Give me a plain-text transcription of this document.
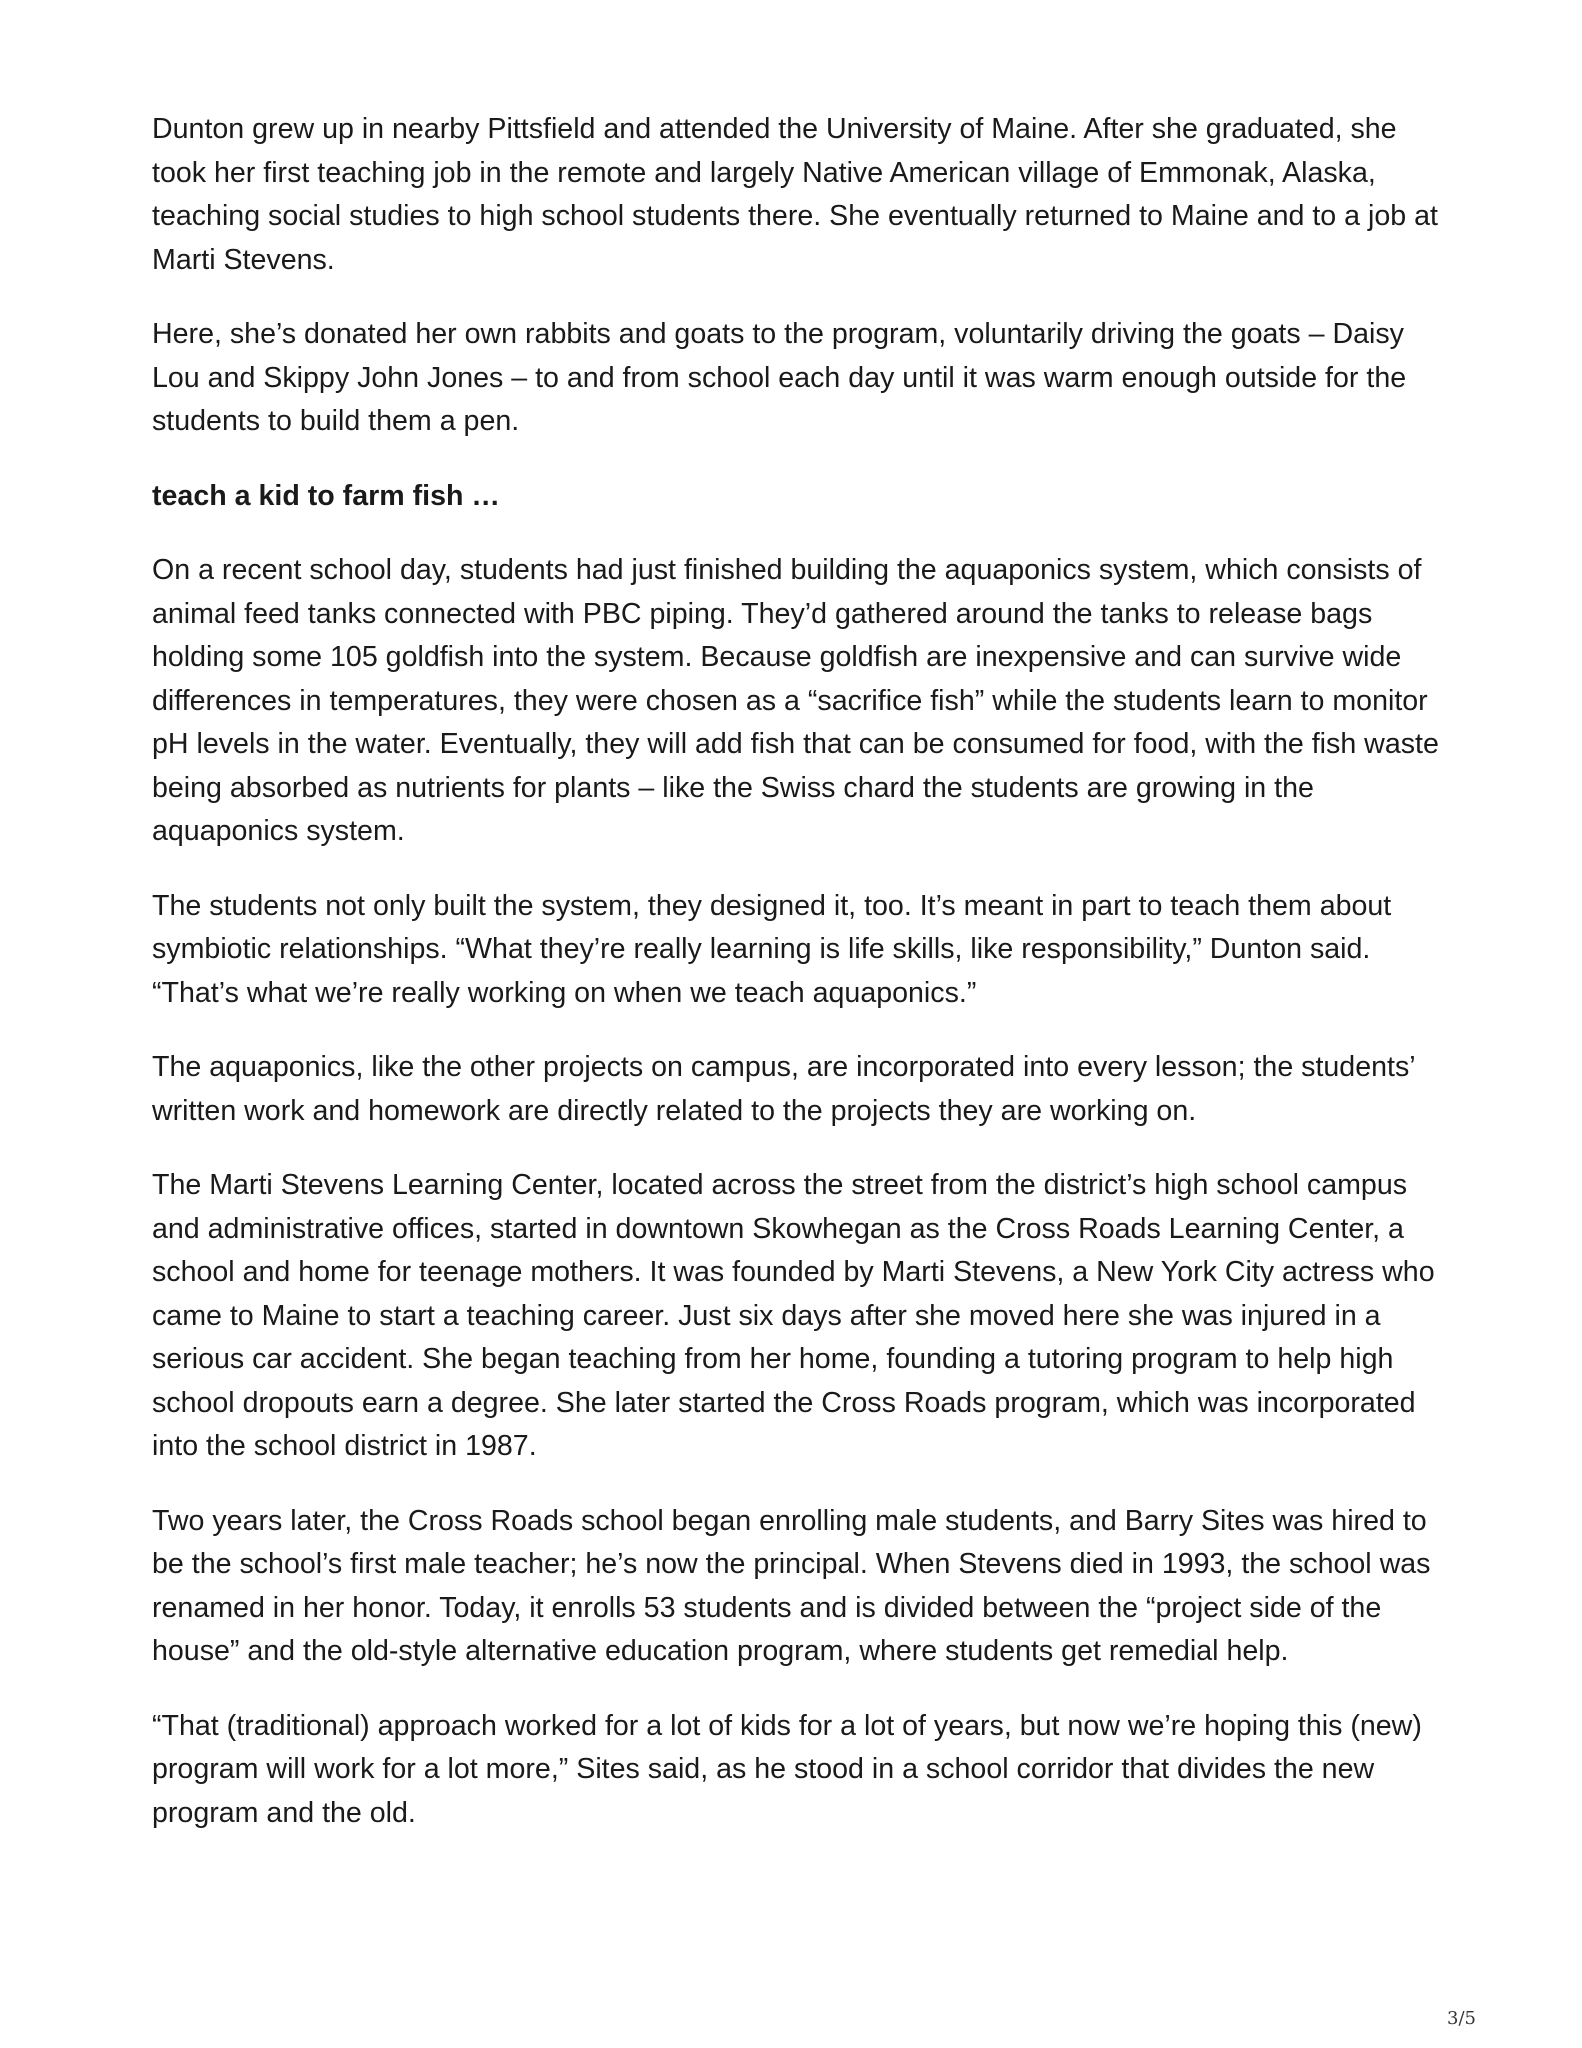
Dunton grew up in nearby Pittsfield and attended the University of Maine. After she graduated, she took her first teaching job in the remote and largely Native American village of Emmonak, Alaska, teaching social studies to high school students there. She eventually returned to Maine and to a job at Marti Stevens.

Here, she’s donated her own rabbits and goats to the program, voluntarily driving the goats – Daisy Lou and Skippy John Jones – to and from school each day until it was warm enough outside for the students to build them a pen.

teach a kid to farm fish …

On a recent school day, students had just finished building the aquaponics system, which consists of animal feed tanks connected with PBC piping. They’d gathered around the tanks to release bags holding some 105 goldfish into the system. Because goldfish are inexpensive and can survive wide differences in temperatures, they were chosen as a “sacrifice fish” while the students learn to monitor pH levels in the water. Eventually, they will add fish that can be consumed for food, with the fish waste being absorbed as nutrients for plants – like the Swiss chard the students are growing in the aquaponics system.

The students not only built the system, they designed it, too. It’s meant in part to teach them about symbiotic relationships. “What they’re really learning is life skills, like responsibility,” Dunton said. “That’s what we’re really working on when we teach aquaponics.”

The aquaponics, like the other projects on campus, are incorporated into every lesson; the students’ written work and homework are directly related to the projects they are working on.

The Marti Stevens Learning Center, located across the street from the district’s high school campus and administrative offices, started in downtown Skowhegan as the Cross Roads Learning Center, a school and home for teenage mothers. It was founded by Marti Stevens, a New York City actress who came to Maine to start a teaching career. Just six days after she moved here she was injured in a serious car accident. She began teaching from her home, founding a tutoring program to help high school dropouts earn a degree. She later started the Cross Roads program, which was incorporated into the school district in 1987.

Two years later, the Cross Roads school began enrolling male students, and Barry Sites was hired to be the school’s first male teacher; he’s now the principal. When Stevens died in 1993, the school was renamed in her honor. Today, it enrolls 53 students and is divided between the “project side of the house” and the old-style alternative education program, where students get remedial help.

“That (traditional) approach worked for a lot of kids for a lot of years, but now we’re hoping this (new) program will work for a lot more,” Sites said, as he stood in a school corridor that divides the new program and the old.

3/5
